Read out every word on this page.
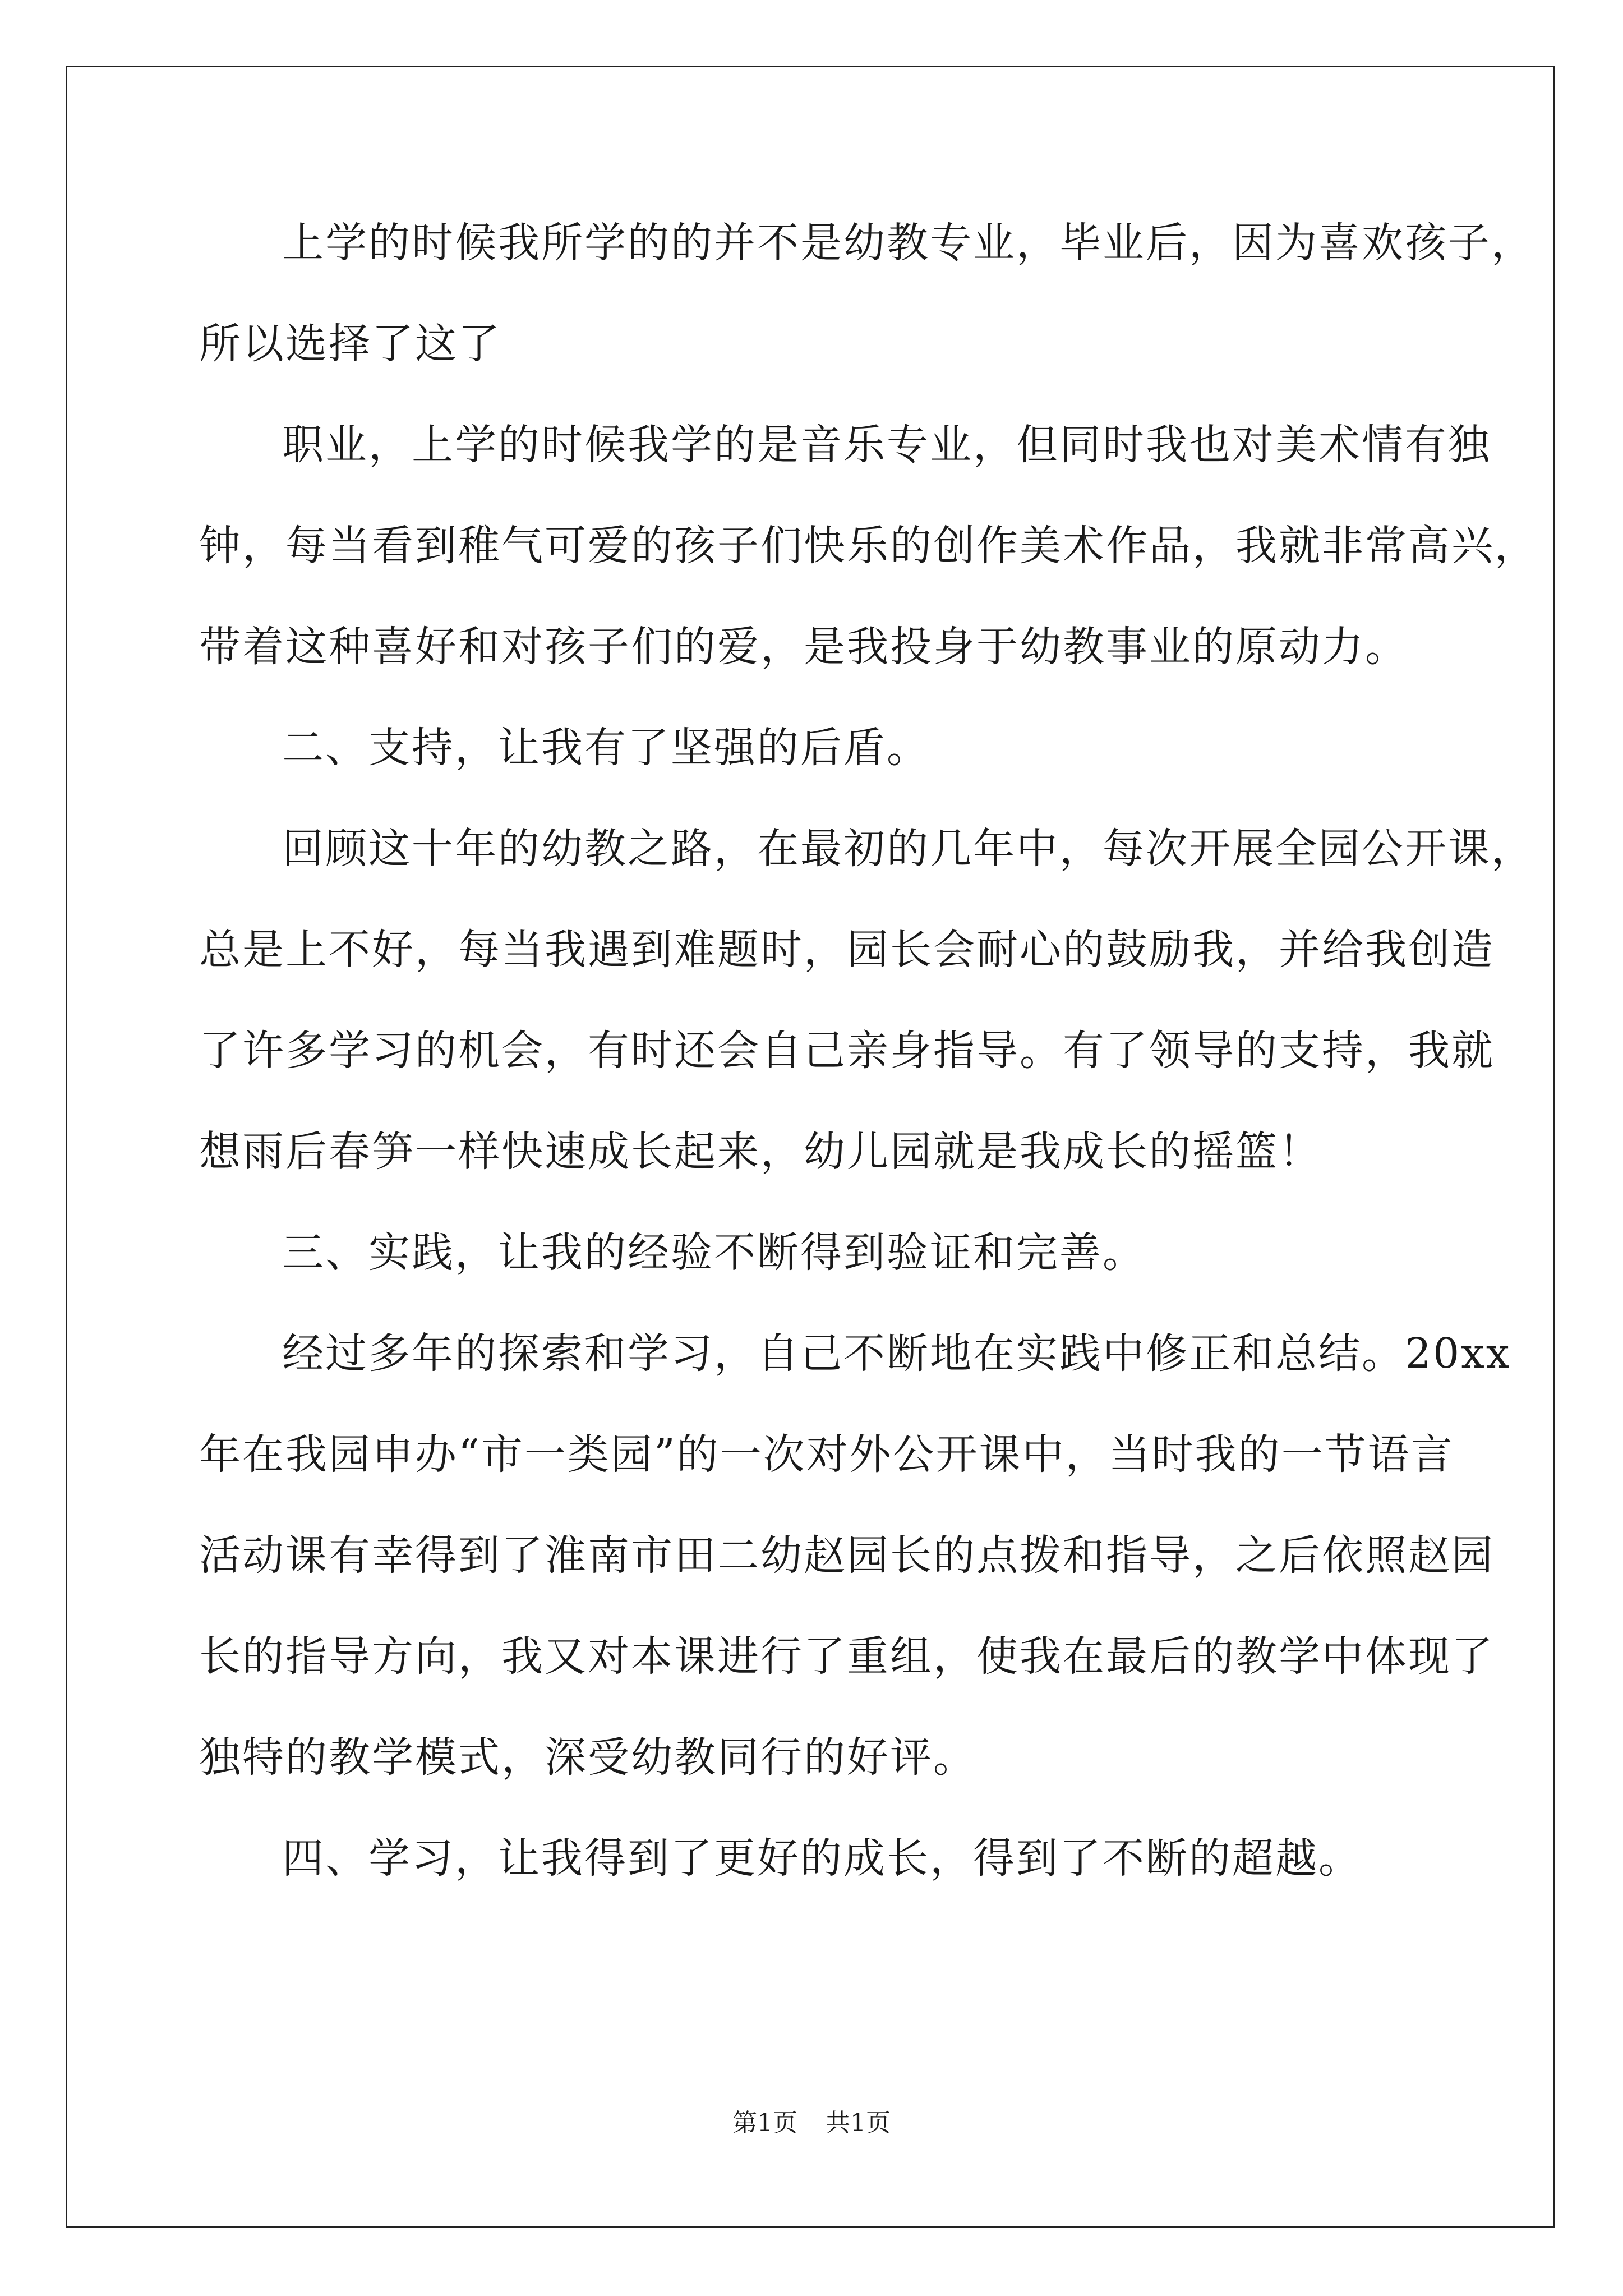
上学的时候我所学的的并不是幼教专业，毕业后，因为喜欢孩子，
所以选择了这了
职业，上学的时候我学的是音乐专业，但同时我也对美术情有独
钟，每当看到稚气可爱的孩子们快乐的创作美术作品，我就非常高兴，
带着这种喜好和对孩子们的爱，是我投身于幼教事业的原动力。
二、支持，让我有了坚强的后盾。
回顾这十年的幼教之路，在最初的几年中，每次开展全园公开课，
总是上不好，每当我遇到难题时，园长会耐心的鼓励我，并给我创造
了许多学习的机会，有时还会自己亲身指导。有了领导的支持，我就
想雨后春笋一样快速成长起来，幼儿园就是我成长的摇篮！
三、实践，让我的经验不断得到验证和完善。
经过多年的探索和学习，自己不断地在实践中修正和总结。20xx
年在我园申办“市一类园”的一次对外公开课中，当时我的一节语言
活动课有幸得到了淮南市田二幼赵园长的点拨和指导，之后依照赵园
长的指导方向，我又对本课进行了重组，使我在最后的教学中体现了
独特的教学模式，深受幼教同行的好评。
四、学习，让我得到了更好的成长，得到了不断的超越。
第1页 共1页
